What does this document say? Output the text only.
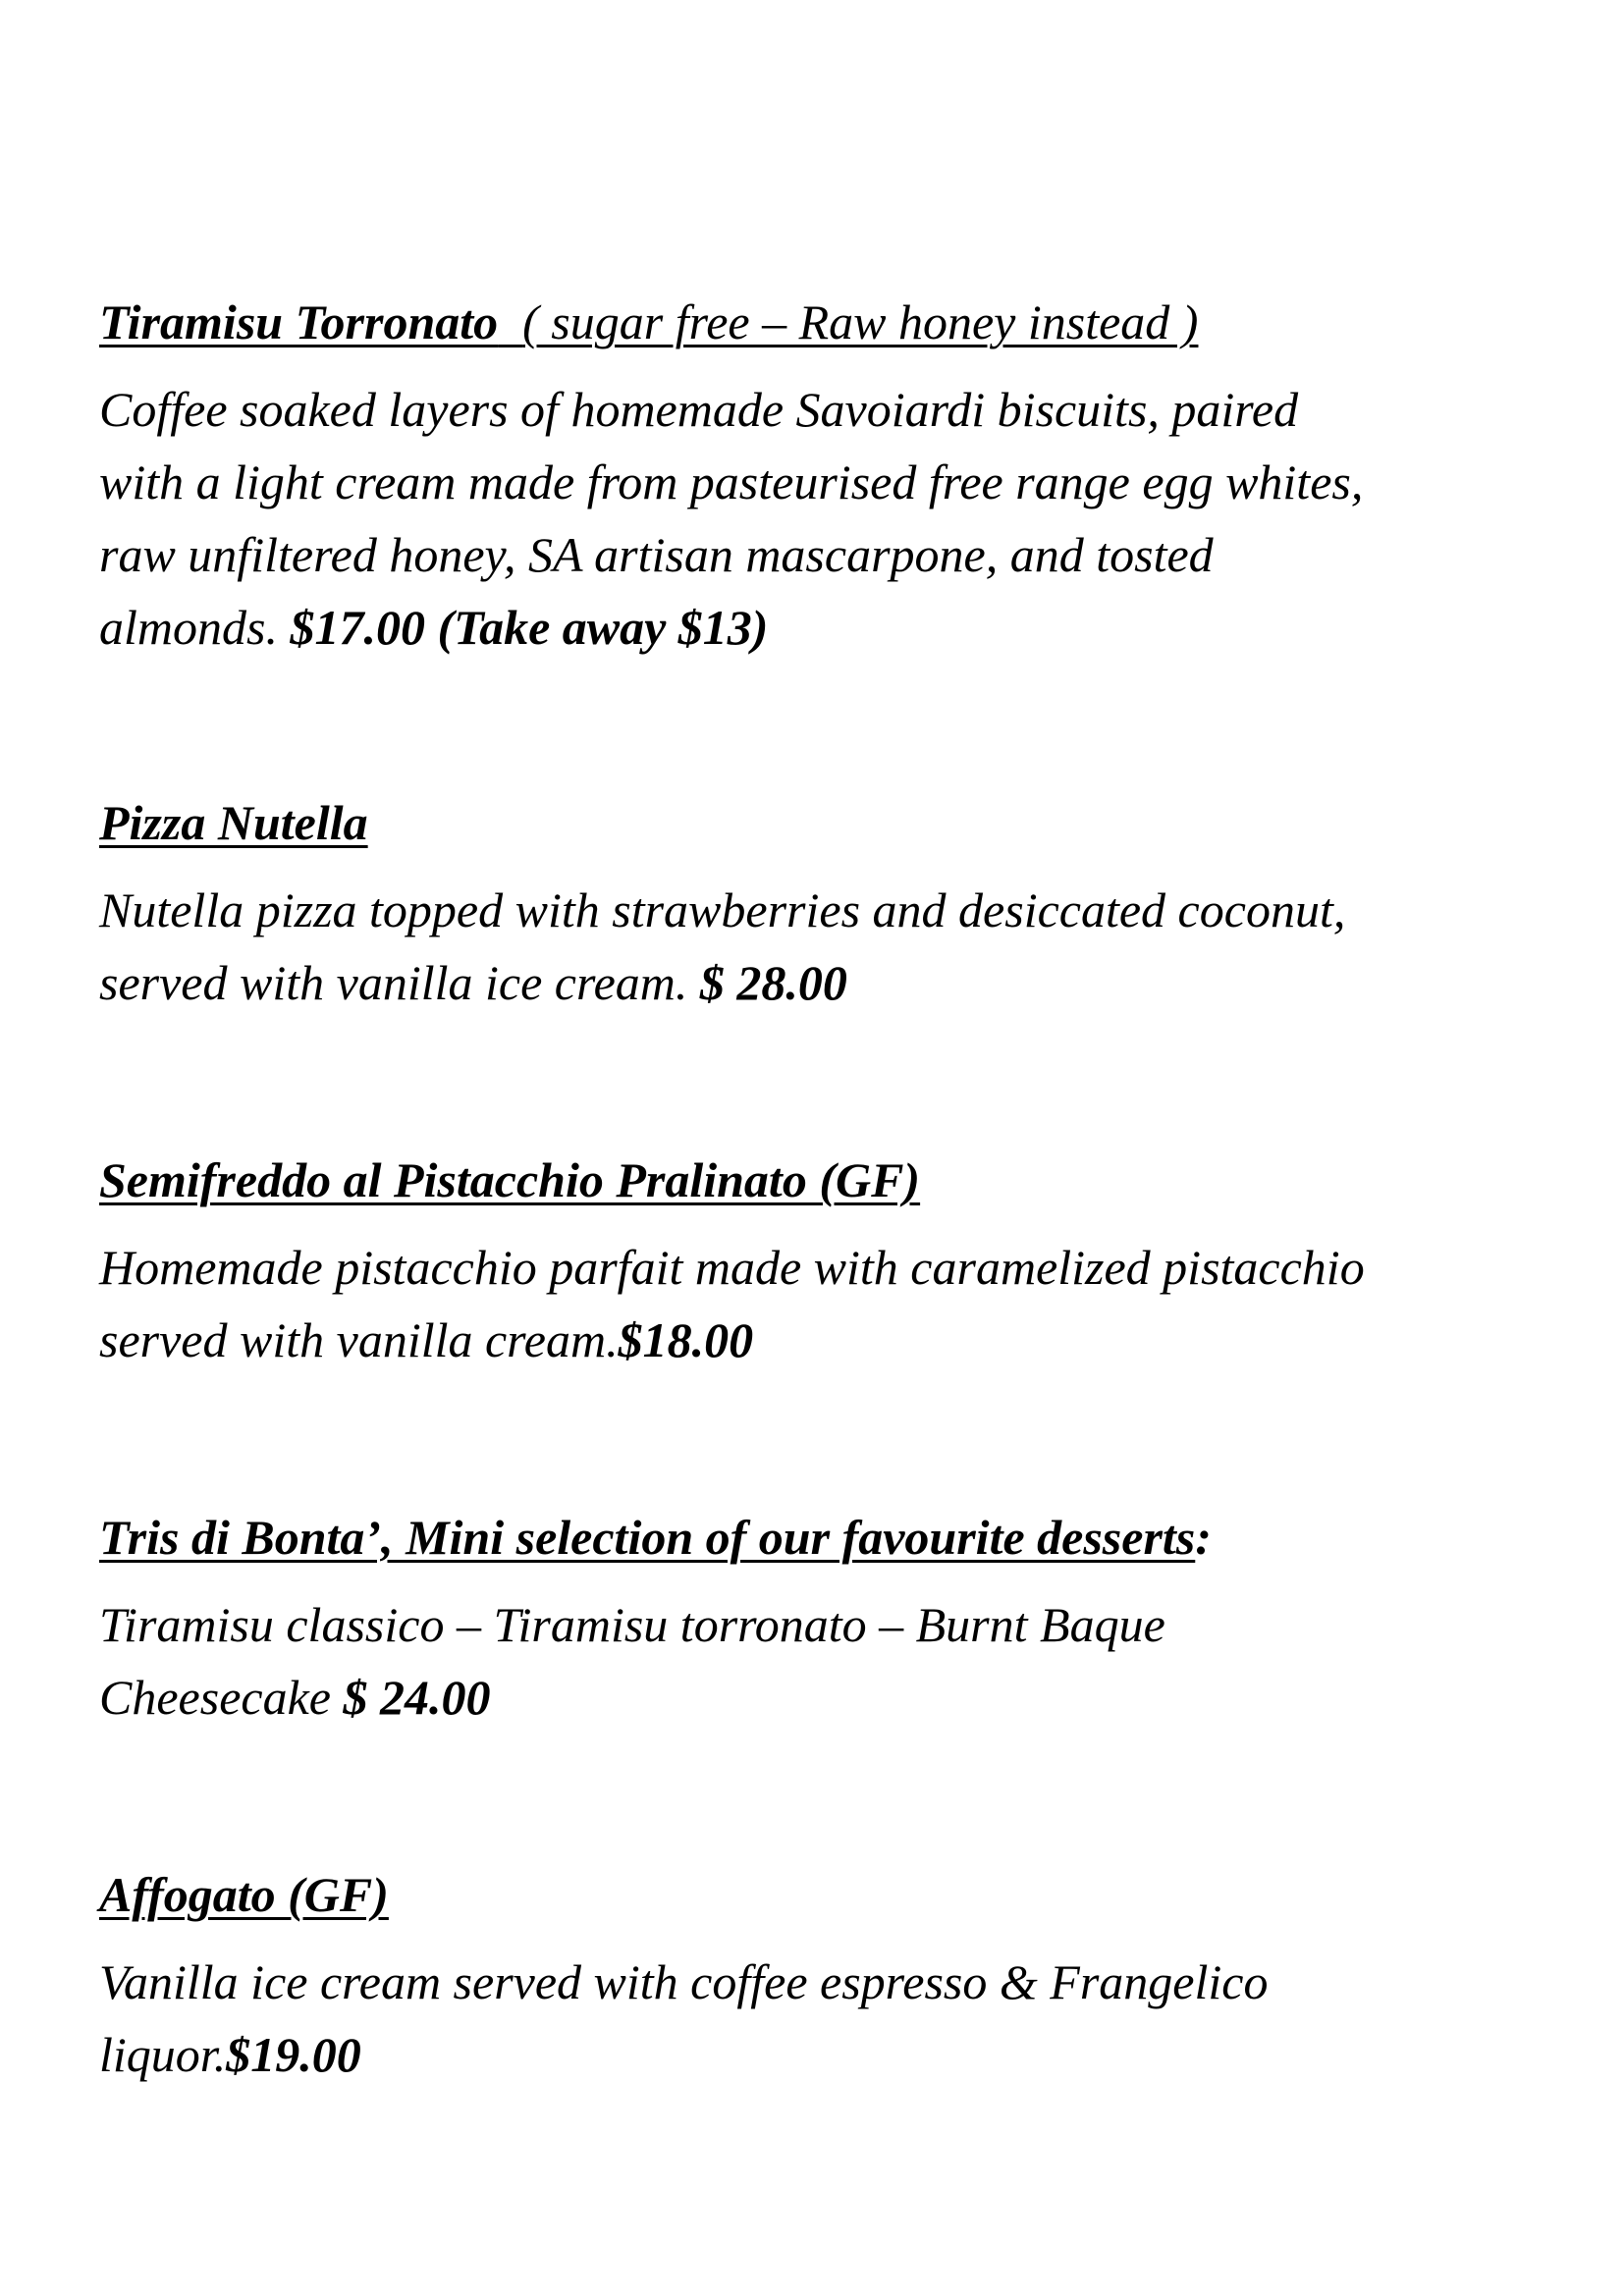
Tiramisu Torronato ( sugar free – Raw honey instead )

Coffee soaked layers of homemade Savoiardi biscuits, paired
with a light cream made from pasteurised free range egg whites,
raw unfiltered honey, SA artisan mascarpone, and tosted
almonds. $17.00 (Take away $13)

Pizza Nutella

Nutella pizza topped with strawberries and desiccated coconut,
served with vanilla ice cream. $ 28.00

Semifreddo al Pistacchio Pralinato (GF)

Homemade pistacchio parfait made with caramelized pistacchio
served with vanilla cream.$18.00

Tris di Bonta’, Mini selection of our favourite desserts:

Tiramisu classico – Tiramisu torronato – Burnt Baque
Cheesecake $ 24.00

Affogato (GF)

Vanilla ice cream served with coffee espresso & Frangelico
liquor.$19.00
